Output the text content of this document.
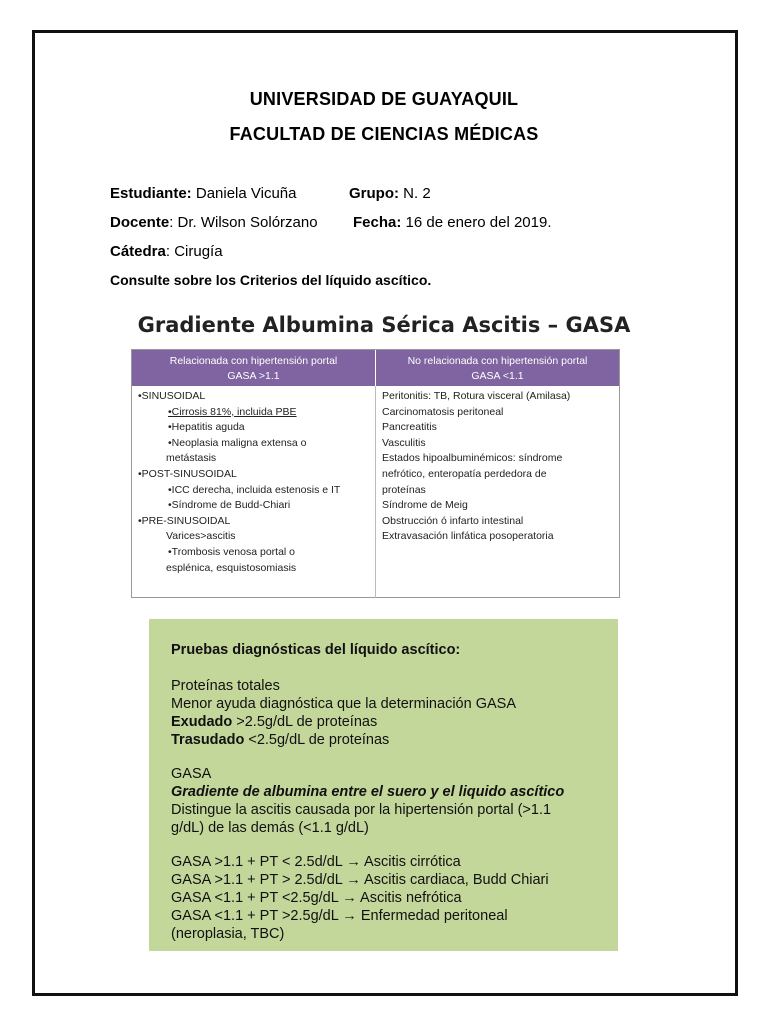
UNIVERSIDAD DE GUAYAQUIL
FACULTAD DE CIENCIAS MÉDICAS
Estudiante: Daniela Vicuña	Grupo: N. 2
Docente: Dr. Wilson Solórzano Fecha: 16 de enero del 2019.
Cátedra: Cirugía
Consulte sobre los Criterios del líquido ascítico.
Gradiente Albumina Sérica Ascitis – GASA
Relacionada con hipertensión portal
GASA >1.1
No relacionada con hipertensión portal
GASA <1.1
•SINUSOIDAL
•Cirrosis 81%, incluida PBE
•Hepatitis aguda
•Neoplasia maligna extensa o
metástasis
•POST-SINUSOIDAL
•ICC derecha, incluida estenosis e IT
•Síndrome de Budd-Chiari
•PRE-SINUSOIDAL
Varices>ascitis
•Trombosis venosa portal o
esplénica, esquistosomiasis
Peritonitis: TB, Rotura visceral (Amilasa)
Carcinomatosis peritoneal
Pancreatitis
Vasculitis
Estados hipoalbuminémicos: síndrome
nefrótico, enteropatía perdedora de
proteínas
Síndrome de Meig
Obstrucción ó infarto intestinal
Extravasación linfática posoperatoria
Pruebas diagnósticas del líquido ascítico:
Proteínas totales
Menor ayuda diagnóstica que la determinación GASA
Exudado >2.5g/dL de proteínas
Trasudado <2.5g/dL de proteínas
GASA
Gradiente de albumina entre el suero y el liquido ascítico
Distingue la ascitis causada por la hipertensión portal (>1.1
g/dL) de las demás (<1.1 g/dL)
GASA >1.1 + PT < 2.5d/dL → Ascitis cirrótica
GASA >1.1 + PT > 2.5d/dL → Ascitis cardiaca, Budd Chiari
GASA <1.1 + PT <2.5g/dL → Ascitis nefrótica
GASA <1.1 + PT >2.5g/dL → Enfermedad peritoneal
(neroplasia, TBC)
